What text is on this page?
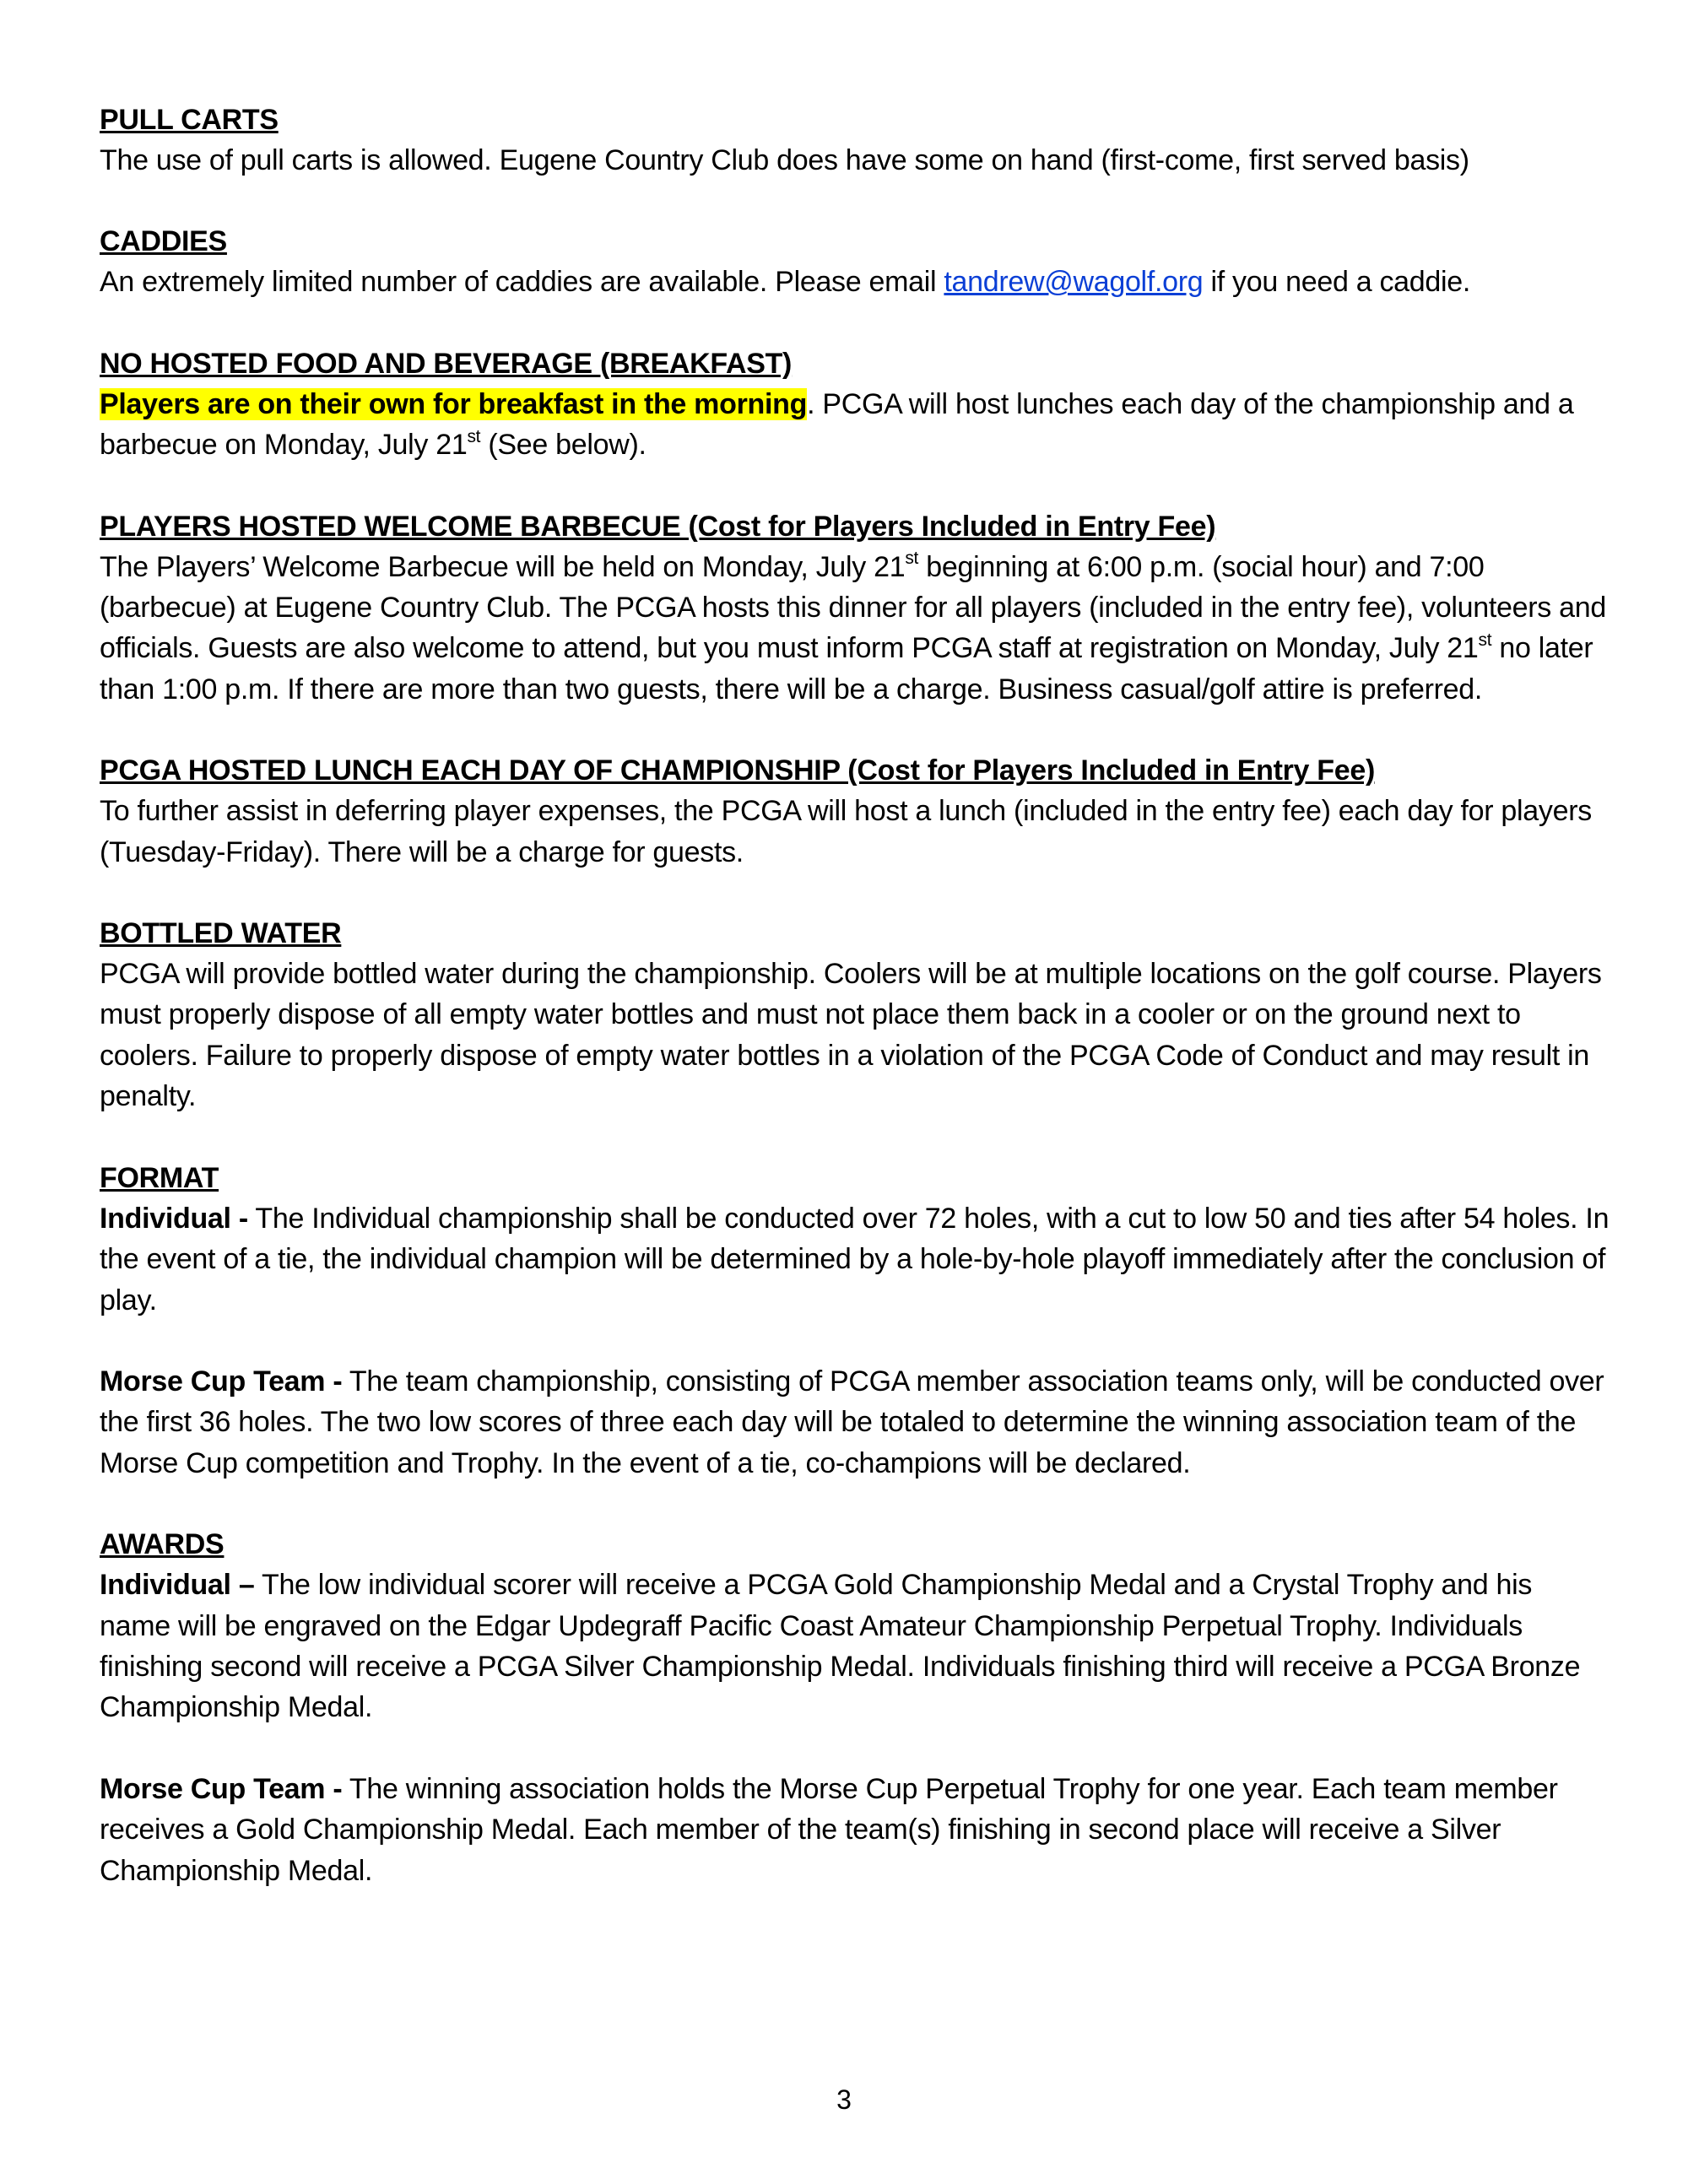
PULL CARTS

The use of pull carts is allowed. Eugene Country Club does have some on hand (first-come, first served basis)

CADDIES

An extremely limited number of caddies are available. Please email tandrew@wagolf.org if you need a caddie.

NO HOSTED FOOD AND BEVERAGE (BREAKFAST)

Players are on their own for breakfast in the morning. PCGA will host lunches each day of the championship and a barbecue on Monday, July 21st (See below).

PLAYERS HOSTED WELCOME BARBECUE (Cost for Players Included in Entry Fee)

The Players’ Welcome Barbecue will be held on Monday, July 21st beginning at 6:00 p.m. (social hour) and 7:00 (barbecue) at Eugene Country Club. The PCGA hosts this dinner for all players (included in the entry fee), volunteers and officials. Guests are also welcome to attend, but you must inform PCGA staff at registration on Monday, July 21st no later than 1:00 p.m. If there are more than two guests, there will be a charge. Business casual/golf attire is preferred.

PCGA HOSTED LUNCH EACH DAY OF CHAMPIONSHIP (Cost for Players Included in Entry Fee)

To further assist in deferring player expenses, the PCGA will host a lunch (included in the entry fee) each day for players (Tuesday-Friday). There will be a charge for guests.

BOTTLED WATER

PCGA will provide bottled water during the championship. Coolers will be at multiple locations on the golf course. Players must properly dispose of all empty water bottles and must not place them back in a cooler or on the ground next to coolers. Failure to properly dispose of empty water bottles in a violation of the PCGA Code of Conduct and may result in penalty.

FORMAT

Individual - The Individual championship shall be conducted over 72 holes, with a cut to low 50 and ties after 54 holes. In the event of a tie, the individual champion will be determined by a hole-by-hole playoff immediately after the conclusion of play.

Morse Cup Team - The team championship, consisting of PCGA member association teams only, will be conducted over the first 36 holes. The two low scores of three each day will be totaled to determine the winning association team of the Morse Cup competition and Trophy. In the event of a tie, co-champions will be declared.

AWARDS

Individual – The low individual scorer will receive a PCGA Gold Championship Medal and a Crystal Trophy and his name will be engraved on the Edgar Updegraff Pacific Coast Amateur Championship Perpetual Trophy. Individuals finishing second will receive a PCGA Silver Championship Medal. Individuals finishing third will receive a PCGA Bronze Championship Medal.

Morse Cup Team - The winning association holds the Morse Cup Perpetual Trophy for one year. Each team member receives a Gold Championship Medal. Each member of the team(s) finishing in second place will receive a Silver Championship Medal.

3
